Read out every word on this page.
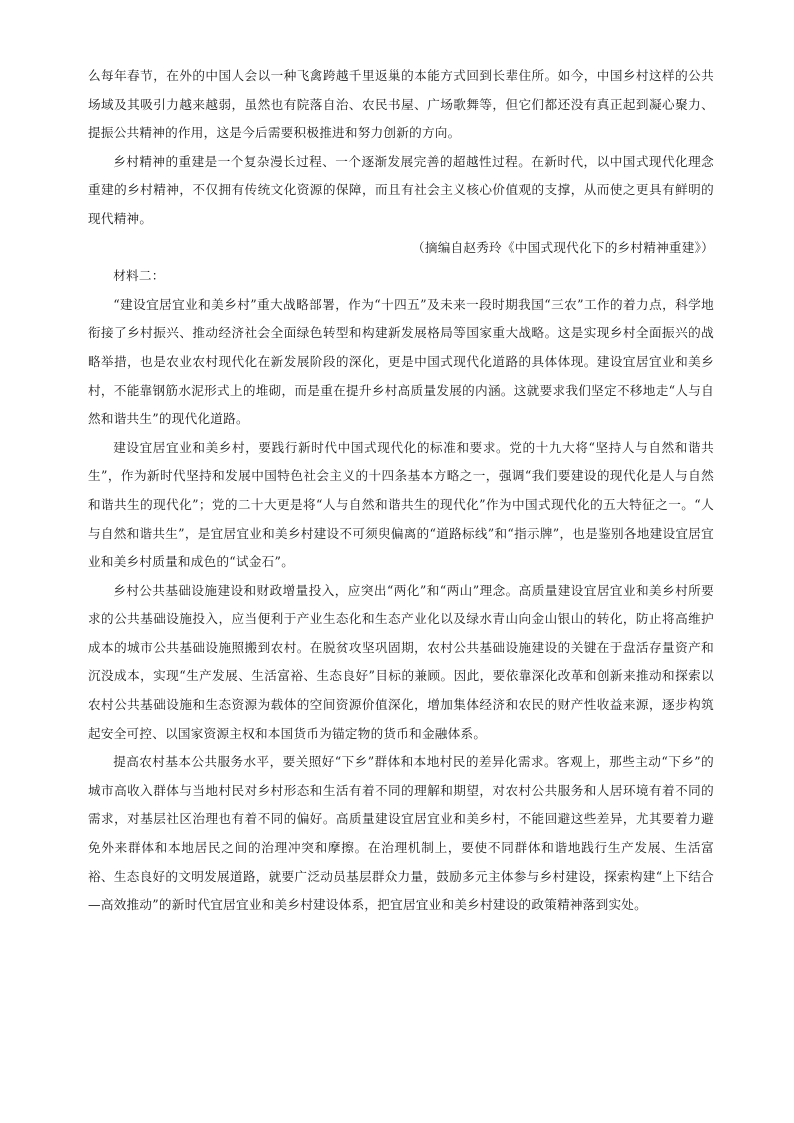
么每年春节，在外的中国人会以一种飞禽跨越千里返巢的本能方式回到长辈住所。如今，中国乡村这样的公共场域及其吸引力越来越弱，虽然也有院落自治、农民书屋、广场歌舞等，但它们都还没有真正起到凝心聚力、提振公共精神的作用，这是今后需要积极推进和努力创新的方向。

乡村精神的重建是一个复杂漫长过程、一个逐渐发展完善的超越性过程。在新时代，以中国式现代化理念重建的乡村精神，不仅拥有传统文化资源的保障，而且有社会主义核心价值观的支撑，从而使之更具有鲜明的现代精神。

（摘编自赵秀玲《中国式现代化下的乡村精神重建》）

材料二：

“建设宜居宜业和美乡村”重大战略部署，作为“十四五”及未来一段时期我国“三农”工作的着力点，科学地衔接了乡村振兴、推动经济社会全面绿色转型和构建新发展格局等国家重大战略。这是实现乡村全面振兴的战略举措，也是农业农村现代化在新发展阶段的深化，更是中国式现代化道路的具体体现。建设宜居宜业和美乡村，不能靠钢筋水泥形式上的堆砌，而是重在提升乡村高质量发展的内涵。这就要求我们坚定不移地走“人与自然和谐共生”的现代化道路。

建设宜居宜业和美乡村，要践行新时代中国式现代化的标准和要求。党的十九大将“坚持人与自然和谐共生”，作为新时代坚持和发展中国特色社会主义的十四条基本方略之一，强调“我们要建设的现代化是人与自然和谐共生的现代化”；党的二十大更是将“人与自然和谐共生的现代化”作为中国式现代化的五大特征之一。“人与自然和谐共生”，是宜居宜业和美乡村建设不可须臾偏离的“道路标线”和“指示牌”，也是鉴别各地建设宜居宜业和美乡村质量和成色的“试金石”。

乡村公共基础设施建设和财政增量投入，应突出“两化”和“两山”理念。高质量建设宜居宜业和美乡村所要求的公共基础设施投入，应当便利于产业生态化和生态产业化以及绿水青山向金山银山的转化，防止将高维护成本的城市公共基础设施照搬到农村。在脱贫攻坚巩固期，农村公共基础设施建设的关键在于盘活存量资产和沉没成本，实现“生产发展、生活富裕、生态良好”目标的兼顾。因此，要依靠深化改革和创新来推动和探索以农村公共基础设施和生态资源为载体的空间资源价值深化，增加集体经济和农民的财产性收益来源，逐步构筑起安全可控、以国家资源主权和本国货币为锚定物的货币和金融体系。

提高农村基本公共服务水平，要关照好“下乡”群体和本地村民的差异化需求。客观上，那些主动“下乡”的城市高收入群体与当地村民对乡村形态和生活有着不同的理解和期望，对农村公共服务和人居环境有着不同的需求，对基层社区治理也有着不同的偏好。高质量建设宜居宜业和美乡村，不能回避这些差异，尤其要着力避免外来群体和本地居民之间的治理冲突和摩擦。在治理机制上，要使不同群体和谐地践行生产发展、生活富裕、生态良好的文明发展道路，就要广泛动员基层群众力量，鼓励多元主体参与乡村建设，探索构建“上下结合—高效推动”的新时代宜居宜业和美乡村建设体系，把宜居宜业和美乡村建设的政策精神落到实处。
